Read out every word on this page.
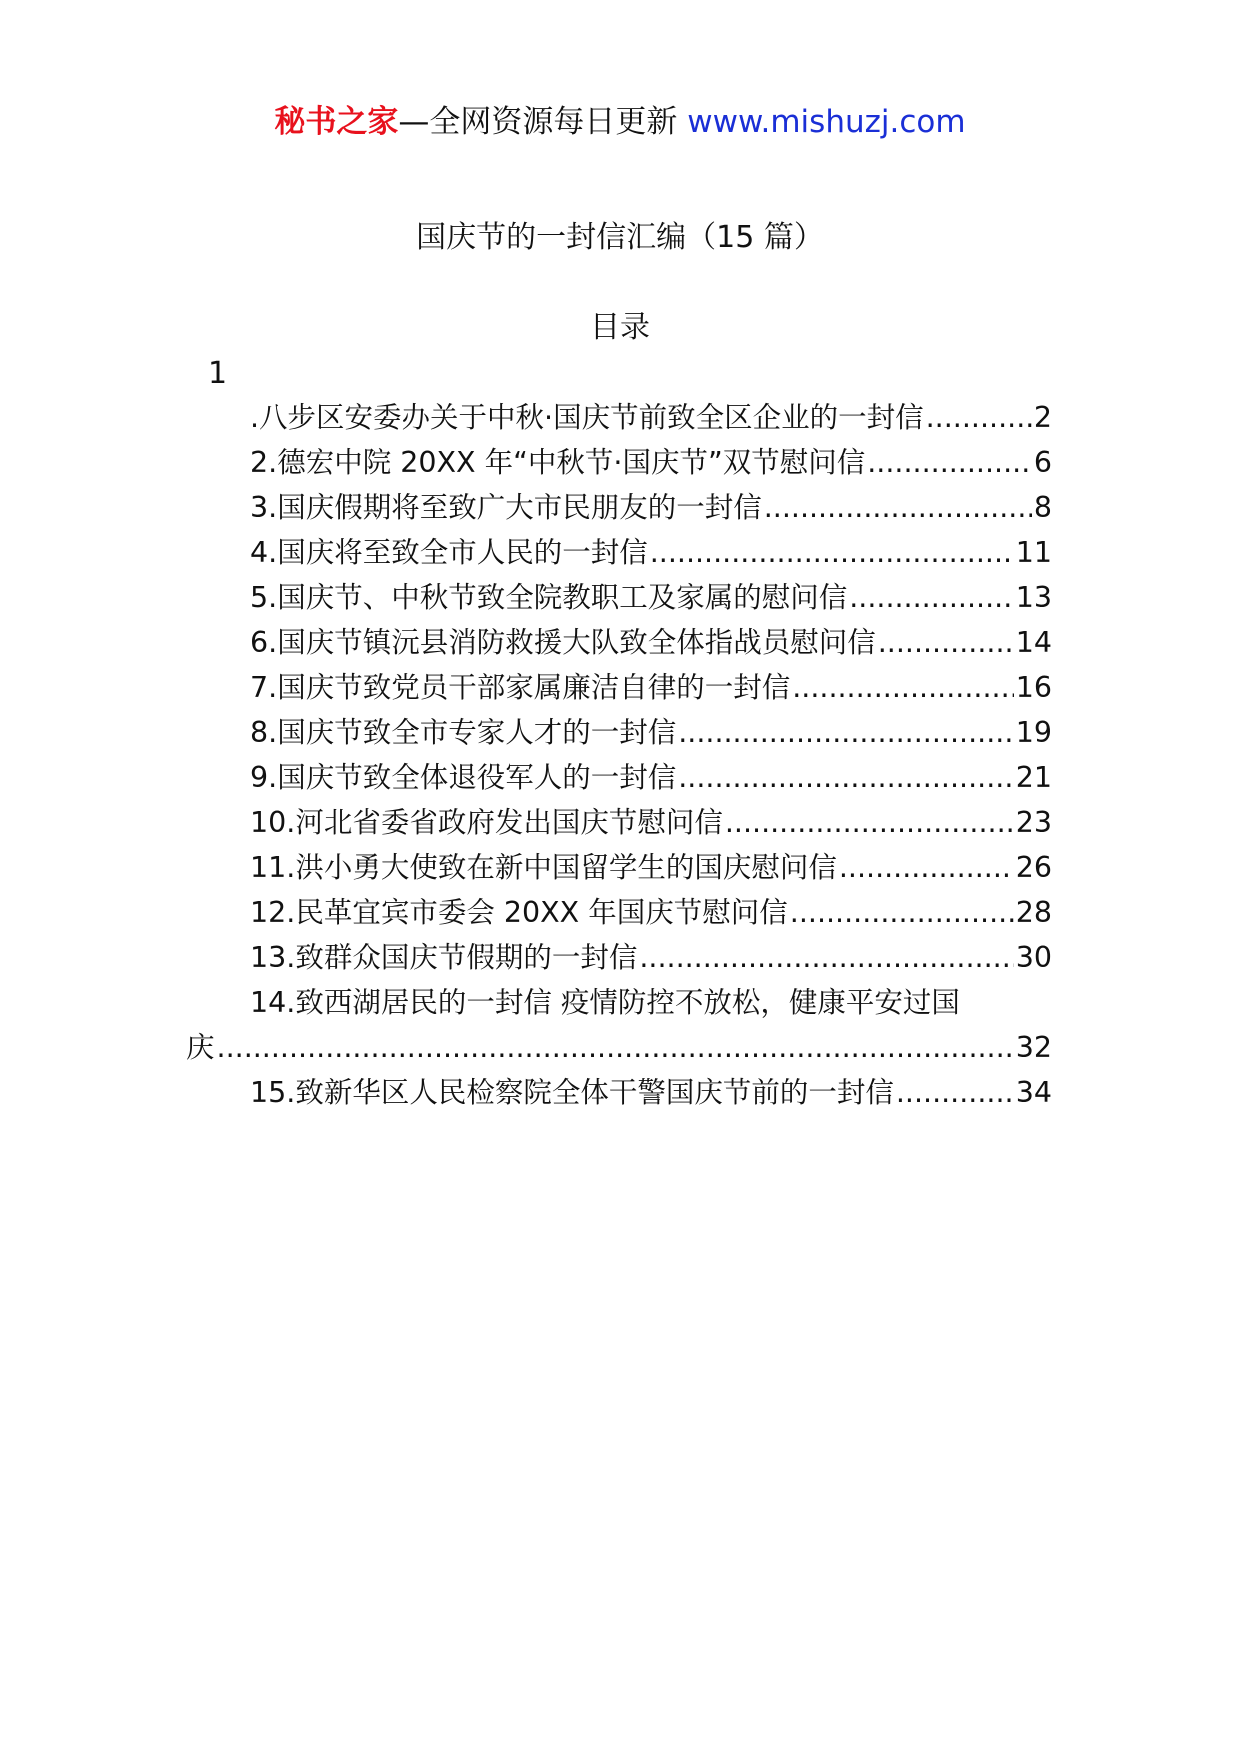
秘书之家—全网资源每日更新 www.mishuzj.com
国庆节的一封信汇编（15 篇）
目录
1
.八步区安委办关于中秋·国庆节前致全区企业的一封信 .....	2
2.德宏中院 20XX 年“中秋节·国庆节”双节慰问信 .....	6
3.国庆假期将至致广大市民朋友的一封信 .....	8
4.国庆将至致全市人民的一封信 .....	11
5.国庆节、中秋节致全院教职工及家属的慰问信 .....	13
6.国庆节镇沅县消防救援大队致全体指战员慰问信 .....	14
7.国庆节致党员干部家属廉洁自律的一封信 .....	16
8.国庆节致全市专家人才的一封信 .....	19
9.国庆节致全体退役军人的一封信 .....	21
10.河北省委省政府发出国庆节慰问信 .....	23
11.洪小勇大使致在新中国留学生的国庆慰问信 .....	26
12.民革宜宾市委会 20XX 年国庆节慰问信 .....	28
13.致群众国庆节假期的一封信 .....	30
14.致西湖居民的一封信 疫情防控不放松，健康平安过国
庆 .....	32
15.致新华区人民检察院全体干警国庆节前的一封信 .....	34
